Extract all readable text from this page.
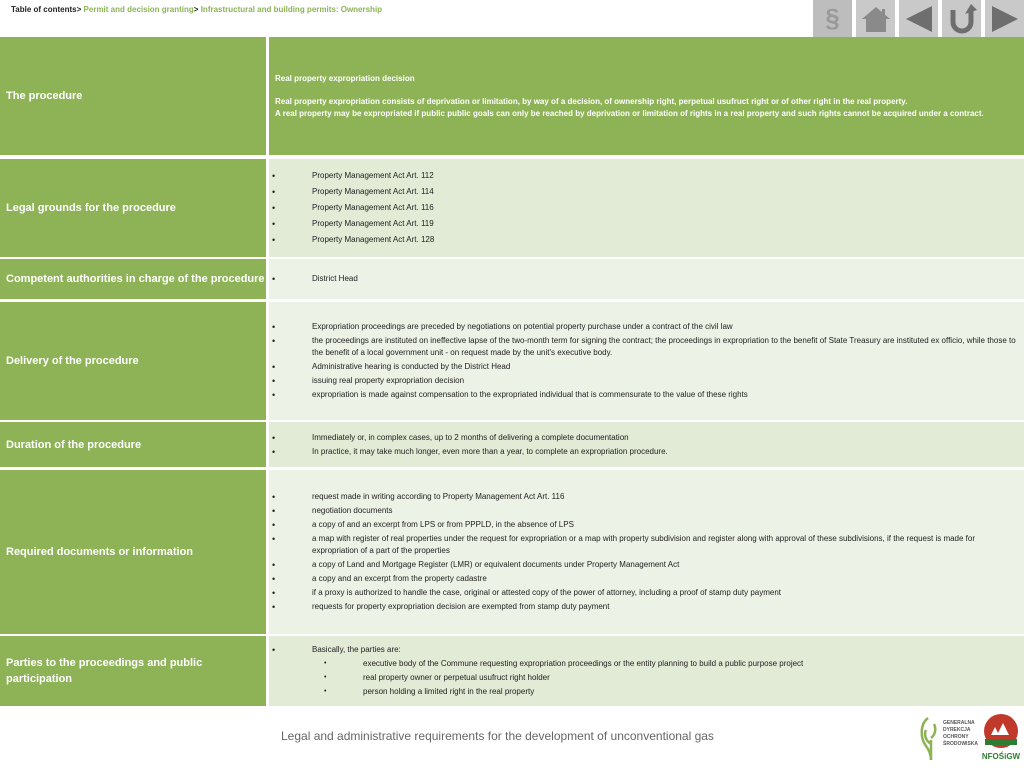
Table of contents> Permit and decision granting> Infrastructural and building permits: Ownership	§
The procedure

Real property expropriation decision

Real property expropriation consists of deprivation or limitation, by way of a decision, of ownership right, perpetual usufruct right or of other right in the real property.

A real property may be expropriated if public public goals can only be reached by deprivation or limitation of rights in a real property and such rights cannot be acquired under a contract.

Legal grounds for the procedure
• Property Management Act Art. 112
• Property Management Act Art. 114
• Property Management Act Art. 116
• Property Management Act Art. 119
• Property Management Act Art. 128
Competent authorities in charge of the procedure
•	District Head
Delivery of the procedure
• Expropriation proceedings are preceded by negotiations on potential property purchase under a contract of the civil law
• the proceedings are instituted on ineffective lapse of the two-month term for signing the contract; the proceedings in expropriation to the benefit of State Treasury are instituted ex officio, while those to the benefit of a local government unit - on request made by the unit's executive body.
• Administrative hearing is conducted by the District Head
• issuing real property expropriation decision
• expropriation is made against compensation to the expropriated individual that is commensurate to the value of these rights
Duration of the procedure
• Immediately or, in complex cases, up to 2 months of delivering a complete documentation
• In practice, it may take much longer, even more than a year, to complete an expropriation procedure.
Required documents or information
• request made in writing according to Property Management Act Art. 116
• negotiation documents
• a copy of and an excerpt from LPS or from PPPLD, in the absence of LPS
• a map with register of real properties under the request for expropriation or a map with property subdivision and register along with approval of these subdivisions, if the request is made for expropriation of a part of the properties
• a copy of Land and Mortgage Register (LMR) or equivalent documents under Property Management Act
• a copy and an excerpt from the property cadastre
• if a proxy is authorized to handle the case, original or attested copy of the power of attorney, including a proof of stamp duty payment
• requests for property expropriation decision are exempted from stamp duty payment
Parties to the proceedings and public participation
• Basically, the parties are:
• executive body of the Commune requesting expropriation proceedings or the entity planning to build a public purpose project
• real property owner or perpetual usufruct right holder
• person holding a limited right in the real property
Legal and administrative requirements for the development of unconventional gas
GENERALNA
DYREKCJA
OCHRONY
ŚRODOWISKA
NFOŚiGW
